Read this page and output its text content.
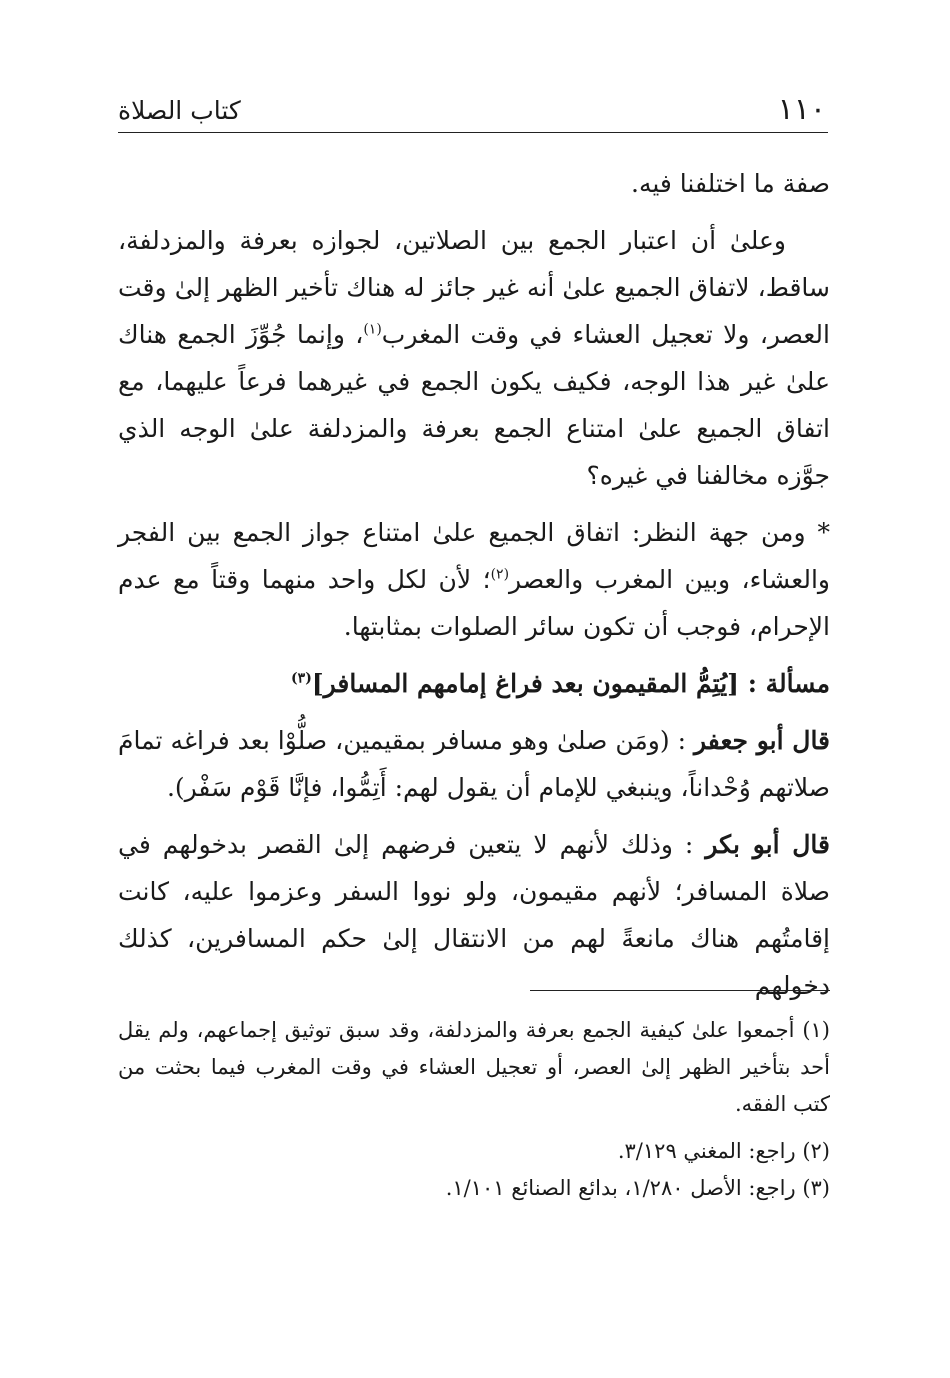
١١٠
كتاب الصلاة

صفة ما اختلفنا فيه.

وعلىٰ أن اعتبار الجمع بين الصلاتين، لجوازه بعرفة والمزدلفة، ساقط، لاتفاق الجميع علىٰ أنه غير جائز له هناك تأخير الظهر إلىٰ وقت العصر، ولا تعجيل العشاء في وقت المغرب$^{(١)}$، وإنما جُوِّزَ الجمع هناك علىٰ غير هذا الوجه، فكيف يكون الجمع في غيرهما فرعاً عليهما، مع اتفاق الجميع علىٰ امتناع الجمع بعرفة والمزدلفة علىٰ الوجه الذي جوَّزه مخالفنا في غيره؟

* ومن جهة النظر: اتفاق الجميع علىٰ امتناع جواز الجمع بين الفجر والعشاء، وبين المغرب والعصر$^{(٢)}$؛ لأن لكل واحد منهما وقتاً مع عدم الإحرام، فوجب أن تكون سائر الصلوات بمثابتها.

مسألة : [يُتِمُّ المقيمون بعد فراغ إمامهم المسافر]$^{(٣)}$

قال أبو جعفر : (ومَن صلىٰ وهو مسافر بمقيمين، صلُّوْا بعد فراغه تمامَ صلاتهم وُحْداناً، وينبغي للإمام أن يقول لهم: أَتِمُّوا، فإنَّا قَوْم سَفْر).

قال أبو بكر : وذلك لأنهم لا يتعين فرضهم إلىٰ القصر بدخولهم في صلاة المسافر؛ لأنهم مقيمون، ولو نووا السفر وعزموا عليه، كانت إقامتُهم هناك مانعةً لهم من الانتقال إلىٰ حكم المسافرين، كذلك دخولهم

(١) أجمعوا علىٰ كيفية الجمع بعرفة والمزدلفة، وقد سبق توثيق إجماعهم، ولم يقل أحد بتأخير الظهر إلىٰ العصر، أو تعجيل العشاء في وقت المغرب فيما بحثت من كتب الفقه.

(٢) راجع: المغني ٣/١٢٩.

(٣) راجع: الأصل ١/٢٨٠، بدائع الصنائع ١/١٠١.
